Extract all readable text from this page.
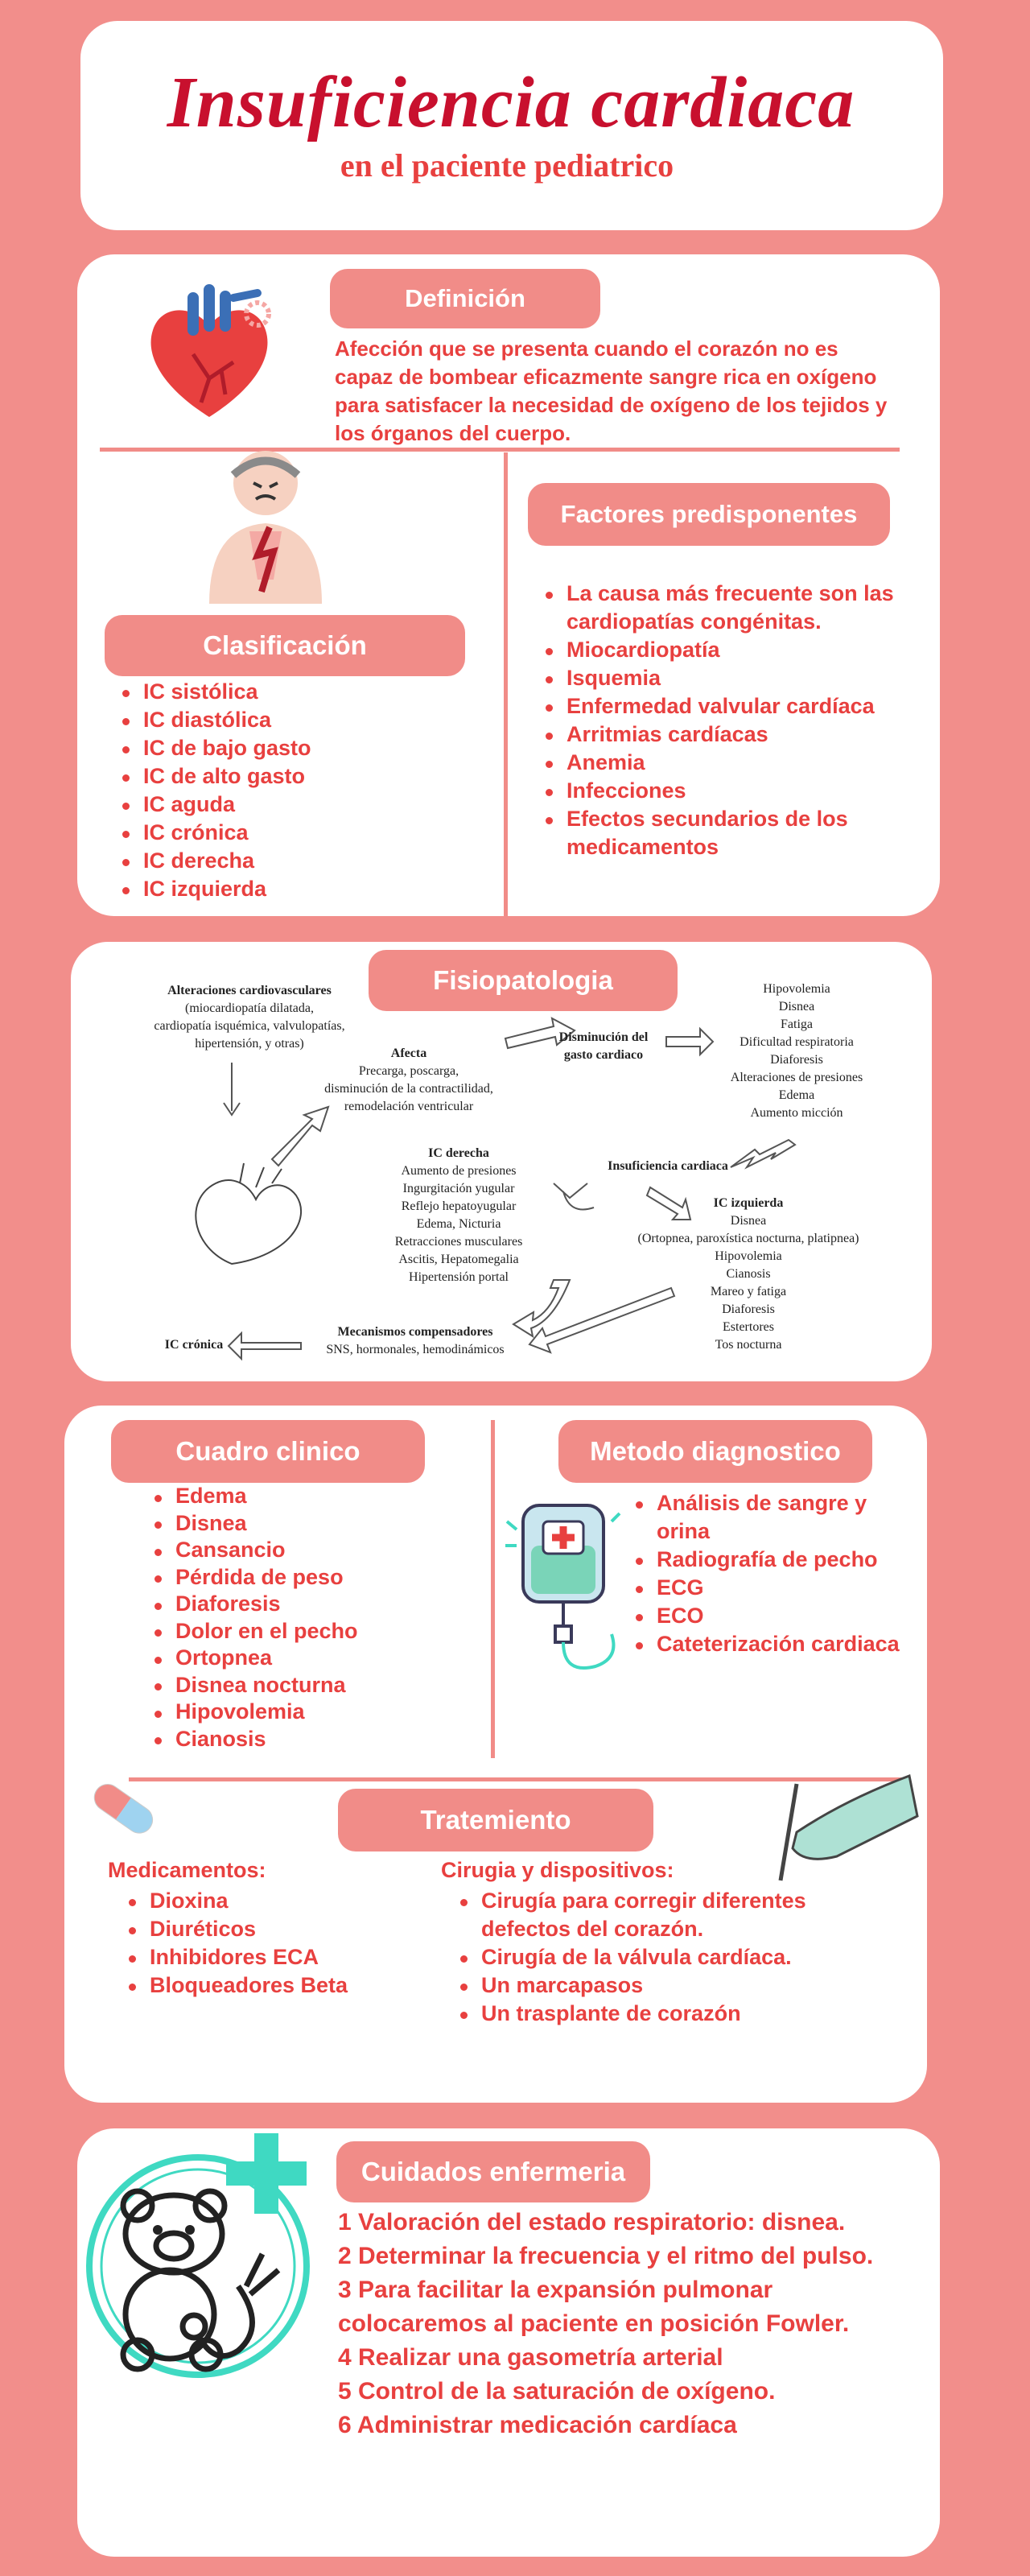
Insuficiencia cardiaca
en el paciente pediatrico
Definición
Afección que se presenta cuando el corazón no es capaz de bombear eficazmente sangre rica en oxígeno para satisfacer la necesidad de oxígeno de los tejidos y los órganos del cuerpo.
Clasificación
IC sistólica
IC diastólica
IC de bajo gasto
IC de alto gasto
IC aguda
IC crónica
IC derecha
IC izquierda
Factores predisponentes
La causa más frecuente son las cardiopatías congénitas.
Miocardiopatía
Isquemia
Enfermedad valvular cardíaca
Arritmias cardíacas
Anemia
Infecciones
Efectos secundarios de los medicamentos
Fisiopatologia
Alteraciones cardiovasculares
(miocardiopatía dilatada,
cardiopatía isquémica, valvulopatías,
hipertensión, y otras)
Afecta
Precarga, poscarga,
disminución de la contractilidad,
remodelación ventricular
Disminución del
gasto cardiaco
Hipovolemia
Disnea
Fatiga
Dificultad respiratoria
Diaforesis
Alteraciones de presiones
Edema
Aumento micción
IC derecha
Aumento de presiones
Ingurgitación yugular
Reflejo hepatoyugular
Edema, Nicturia
Retracciones musculares
Ascitis, Hepatomegalia
Hipertensión portal
Insuficiencia cardiaca
IC izquierda
Disnea
(Ortopnea, paroxística nocturna, platipnea)
Hipovolemia
Cianosis
Mareo y fatiga
Diaforesis
Estertores
Tos nocturna
Mecanismos compensadores
SNS, hormonales, hemodinámicos
IC crónica
Cuadro clinico
Edema
Disnea
Cansancio
Pérdida de peso
Diaforesis
Dolor en el pecho
Ortopnea
Disnea nocturna
Hipovolemia
Cianosis
Metodo diagnostico
Análisis de sangre y orina
Radiografía de pecho
ECG
ECO
Cateterización cardiaca
Tratemiento
Medicamentos:
Dioxina
Diuréticos
Inhibidores ECA
Bloqueadores Beta
Cirugia y dispositivos:
Cirugía para corregir diferentes defectos del corazón.
Cirugía de la válvula cardíaca.
Un marcapasos
Un trasplante de corazón
Cuidados enfermeria
1 Valoración del estado respiratorio: disnea.
2 Determinar la frecuencia y el ritmo del pulso.
3 Para facilitar la expansión pulmonar colocaremos al paciente en posición Fowler.
4 Realizar una gasometría arterial
5 Control de la saturación de oxígeno.
6 Administrar medicación cardíaca
